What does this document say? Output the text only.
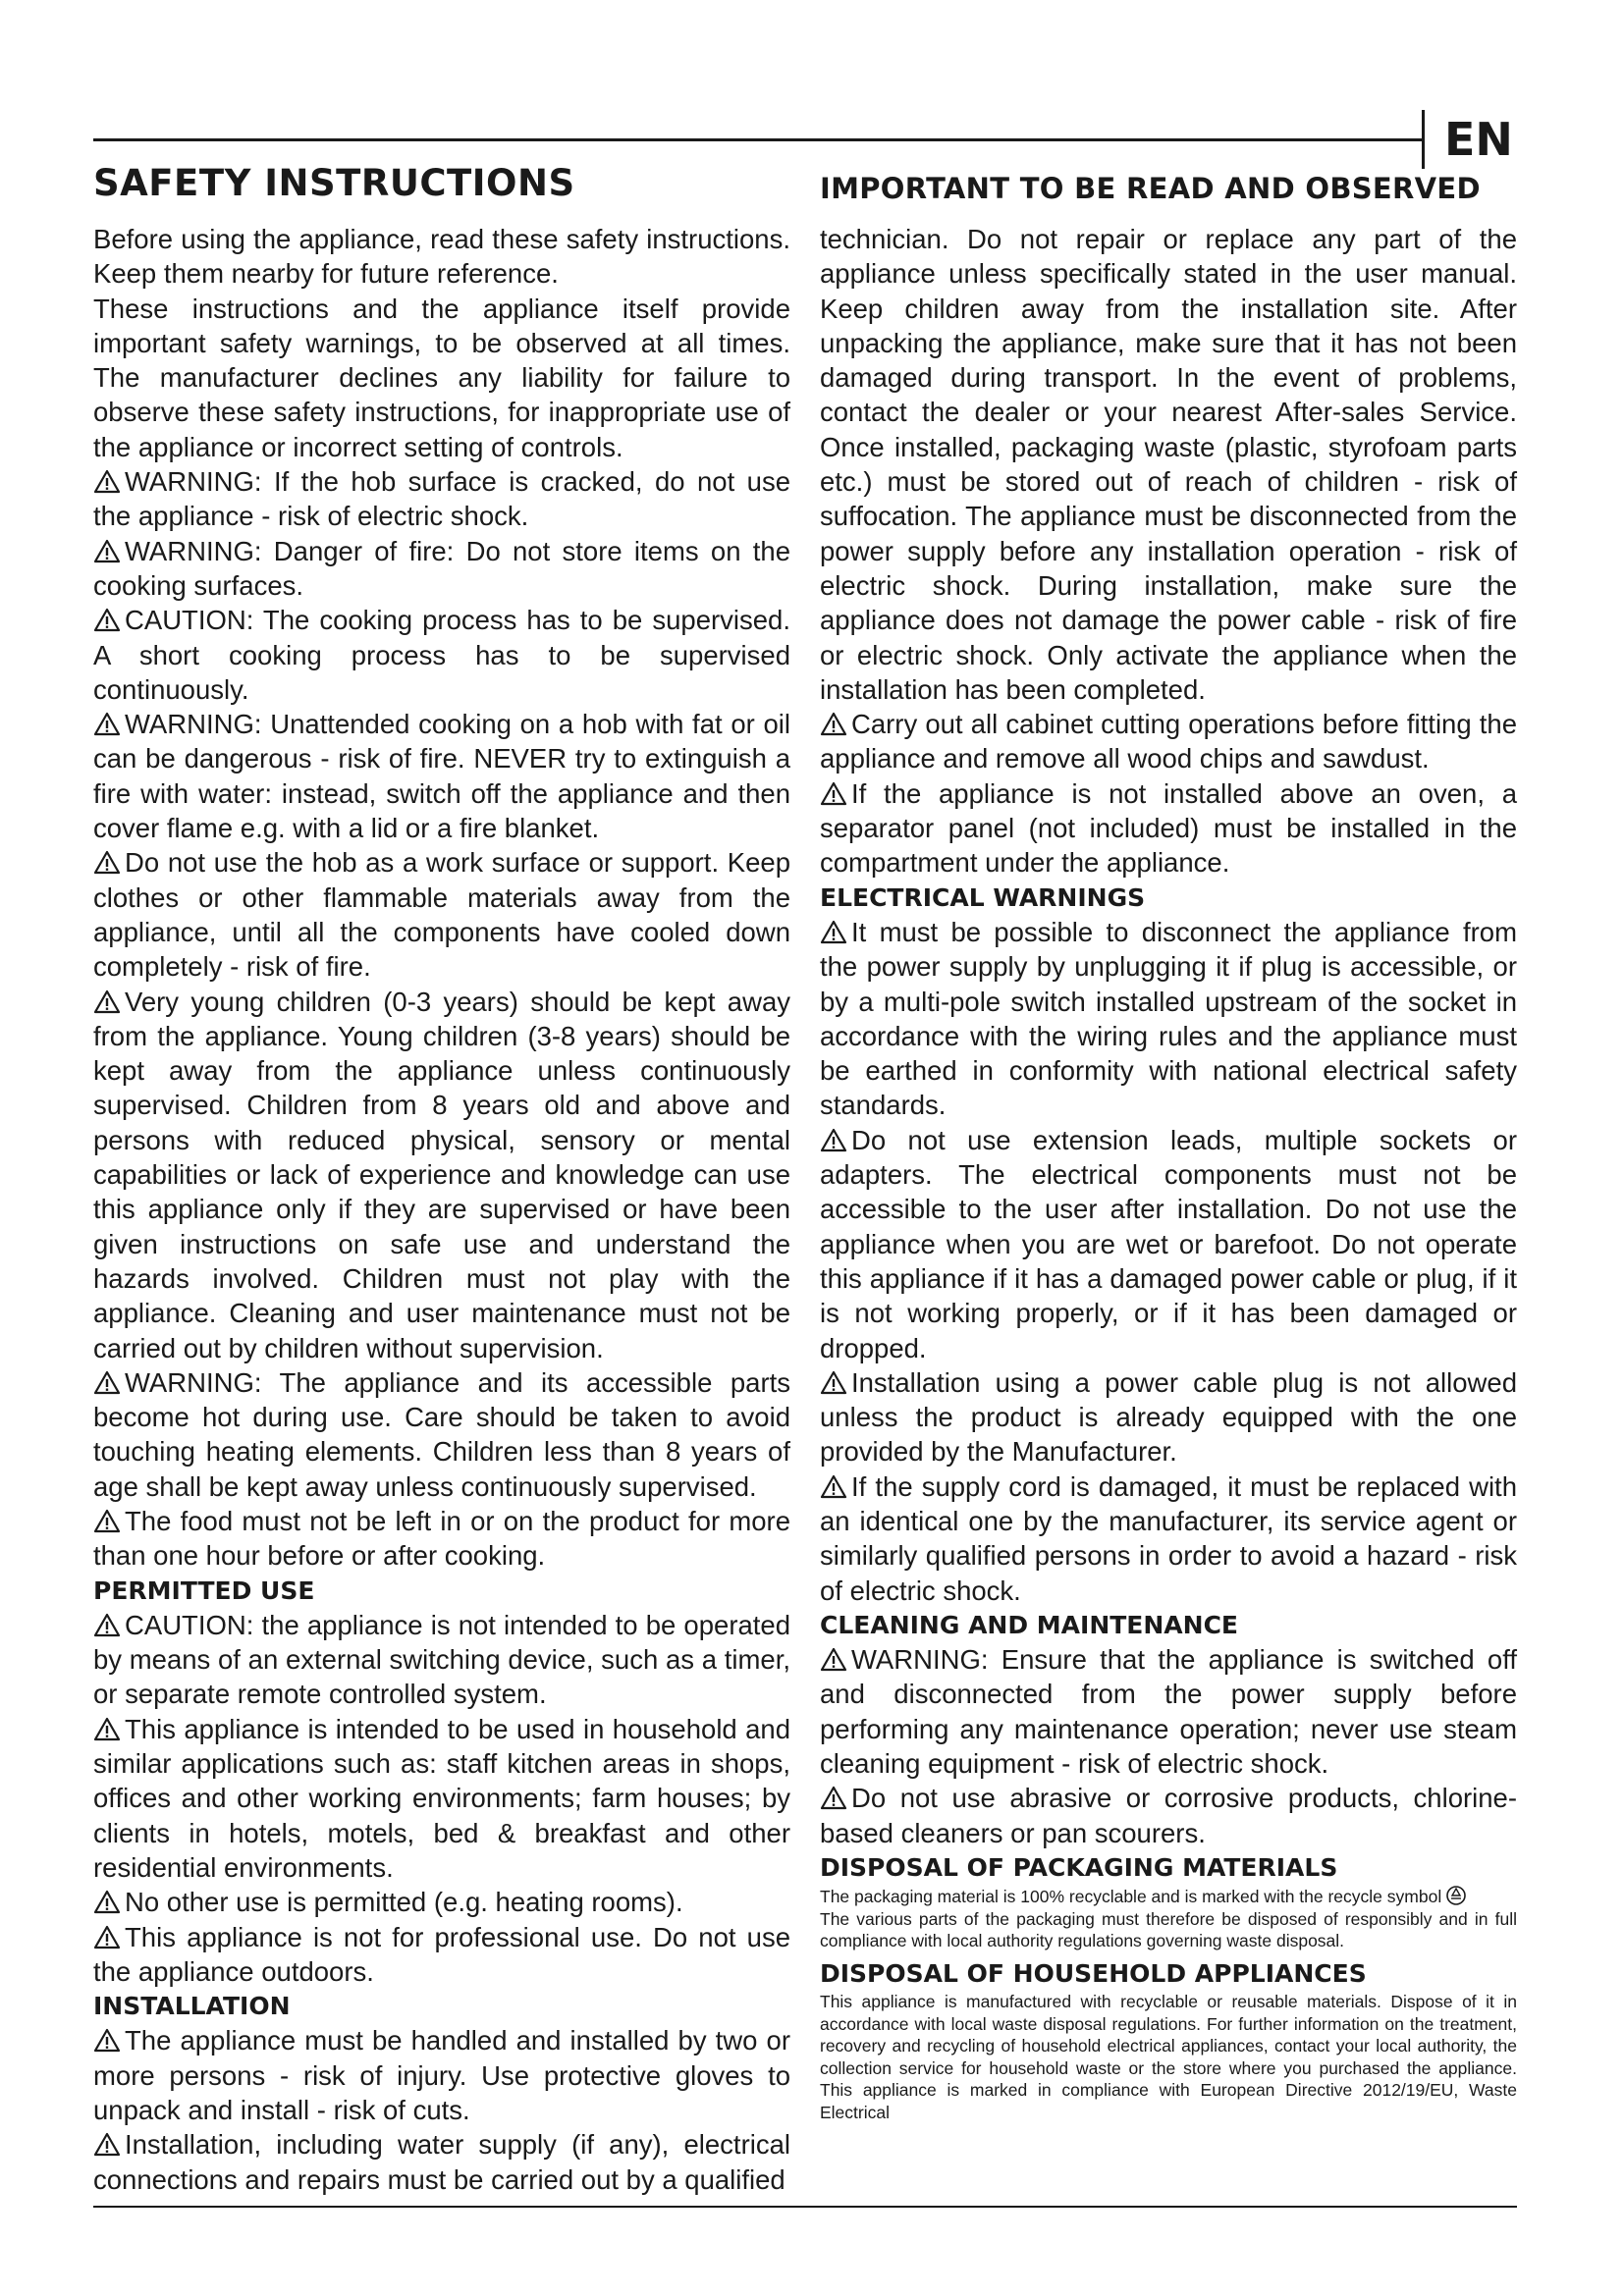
EN
SAFETY INSTRUCTIONS	IMPORTANT TO BE READ AND OBSERVED

Before using the appliance, read these safety instructions. Keep them nearby for future reference.

These instructions and the appliance itself provide important safety warnings, to be observed at all times. The manufacturer declines any liability for failure to observe these safety instructions, for inappropriate use of the appliance or incorrect setting of controls.

WARNING: If the hob surface is cracked, do not use the appliance - risk of electric shock.

WARNING: Danger of fire: Do not store items on the cooking surfaces.

CAUTION: The cooking process has to be supervised. A short cooking process has to be supervised continuously.

WARNING: Unattended cooking on a hob with fat or oil can be dangerous - risk of fire. NEVER try to extinguish a fire with water: instead, switch off the appliance and then cover flame e.g. with a lid or a fire blanket.

Do not use the hob as a work surface or support. Keep clothes or other flammable materials away from the appliance, until all the components have cooled down completely - risk of fire.

Very young children (0-3 years) should be kept away from the appliance. Young children (3-8 years) should be kept away from the appliance unless continuously supervised. Children from 8 years old and above and persons with reduced physical, sensory or mental capabilities or lack of experience and knowledge can use this appliance only if they are supervised or have been given instructions on safe use and understand the hazards involved. Children must not play with the appliance. Cleaning and user maintenance must not be carried out by children without supervision.

WARNING: The appliance and its accessible parts become hot during use. Care should be taken to avoid touching heating elements. Children less than 8 years of age shall be kept away unless continuously supervised.

The food must not be left in or on the product for more than one hour before or after cooking.

PERMITTED USE

CAUTION: the appliance is not intended to be operated by means of an external switching device, such as a timer, or separate remote controlled system.

This appliance is intended to be used in household and similar applications such as: staff kitchen areas in shops, offices and other working environments; farm houses; by clients in hotels, motels, bed & breakfast and other residential environments.

No other use is permitted (e.g. heating rooms).

This appliance is not for professional use. Do not use the appliance outdoors.

INSTALLATION

The appliance must be handled and installed by two or more persons - risk of injury. Use protective gloves to unpack and install - risk of cuts.

Installation, including water supply (if any), electrical connections and repairs must be carried out by a qualified

technician. Do not repair or replace any part of the appliance unless specifically stated in the user manual. Keep children away from the installation site. After unpacking the appliance, make sure that it has not been damaged during transport. In the event of problems, contact the dealer or your nearest After-sales Service. Once installed, packaging waste (plastic, styrofoam parts etc.) must be stored out of reach of children - risk of suffocation. The appliance must be disconnected from the power supply before any installation operation - risk of electric shock. During installation, make sure the appliance does not damage the power cable - risk of fire or electric shock. Only activate the appliance when the installation has been completed.

Carry out all cabinet cutting operations before fitting the appliance and remove all wood chips and sawdust.

If the appliance is not installed above an oven, a separator panel (not included) must be installed in the compartment under the appliance.

ELECTRICAL WARNINGS

It must be possible to disconnect the appliance from the power supply by unplugging it if plug is accessible, or by a multi-pole switch installed upstream of the socket in accordance with the wiring rules and the appliance must be earthed in conformity with national electrical safety standards.

Do not use extension leads, multiple sockets or adapters. The electrical components must not be accessible to the user after installation. Do not use the appliance when you are wet or barefoot. Do not operate this appliance if it has a damaged power cable or plug, if it is not working properly, or if it has been damaged or dropped.

Installation using a power cable plug is not allowed unless the product is already equipped with the one provided by the Manufacturer.

If the supply cord is damaged, it must be replaced with an identical one by the manufacturer, its service agent or similarly qualified persons in order to avoid a hazard - risk of electric shock.

CLEANING AND MAINTENANCE

WARNING: Ensure that the appliance is switched off and disconnected from the power supply before performing any maintenance operation; never use steam cleaning equipment - risk of electric shock.

Do not use abrasive or corrosive products, chlorine-based cleaners or pan scourers.

DISPOSAL OF PACKAGING MATERIALS

The packaging material is 100% recyclable and is marked with the recycle symbol

The various parts of the packaging must therefore be disposed of responsibly and in full compliance with local authority regulations governing waste disposal.

DISPOSAL OF HOUSEHOLD APPLIANCES

This appliance is manufactured with recyclable or reusable materials. Dispose of it in accordance with local waste disposal regulations. For further information on the treatment, recovery and recycling of household electrical appliances, contact your local authority, the collection service for household waste or the store where you purchased the appliance. This appliance is marked in compliance with European Directive 2012/19/EU, Waste Electrical
